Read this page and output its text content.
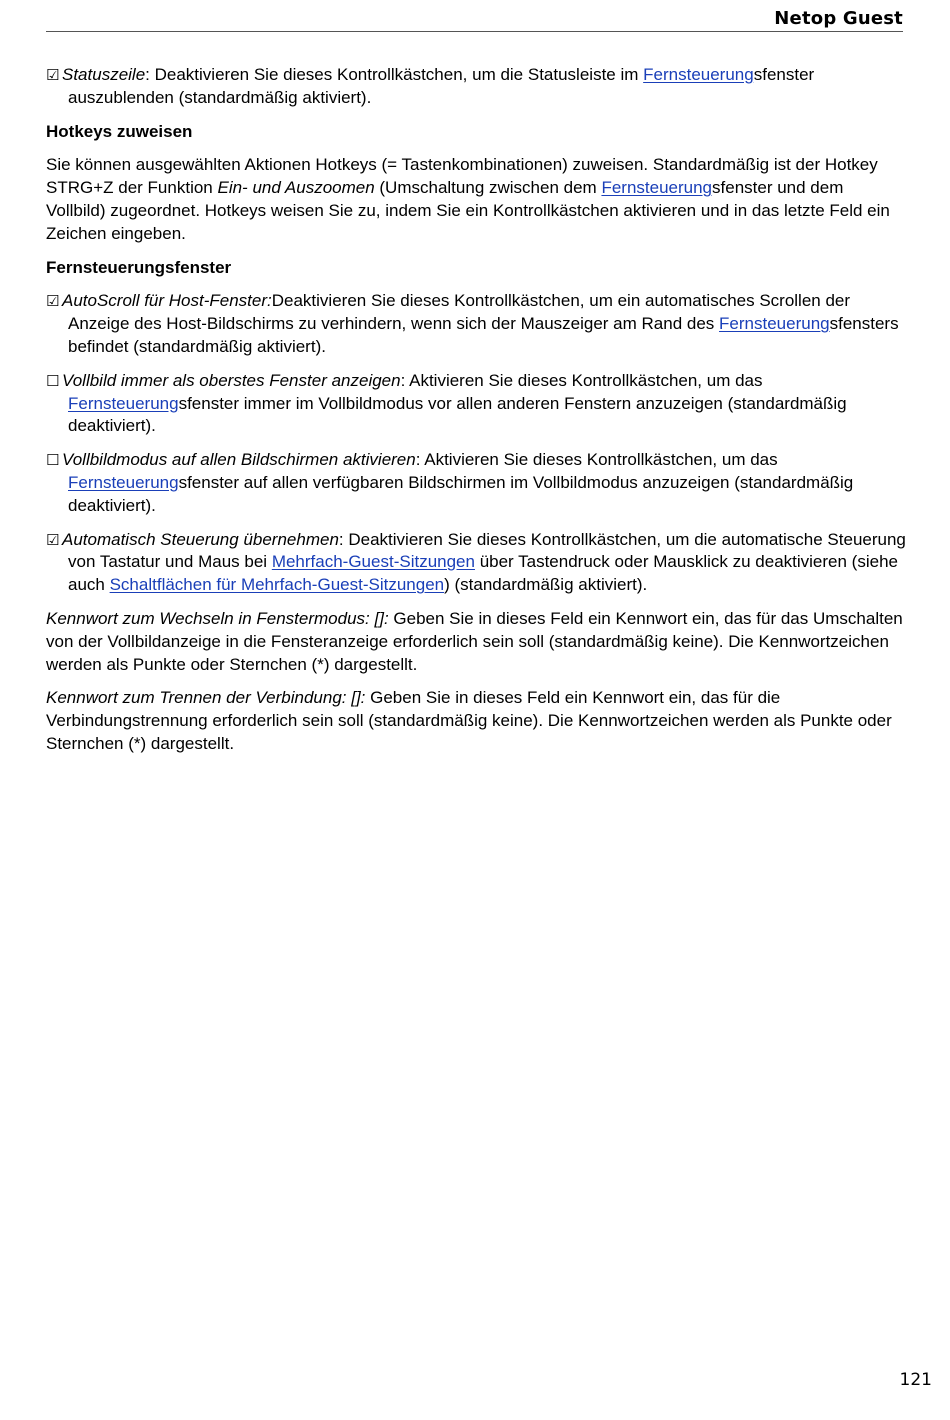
Netop Guest

☑ Statuszeile: Deaktivieren Sie dieses Kontrollkästchen, um die Statusleiste im Fernsteuerungsfenster auszublenden (standardmäßig aktiviert).

Hotkeys zuweisen

Sie können ausgewählten Aktionen Hotkeys (= Tastenkombinationen) zuweisen. Standardmäßig ist der Hotkey STRG+Z der Funktion Ein- und Auszoomen (Umschaltung zwischen dem Fernsteuerungsfenster und dem Vollbild) zugeordnet. Hotkeys weisen Sie zu, indem Sie ein Kontrollkästchen aktivieren und in das letzte Feld ein Zeichen eingeben.

Fernsteuerungsfenster

☑ AutoScroll für Host-Fenster:Deaktivieren Sie dieses Kontrollkästchen, um ein automatisches Scrollen der Anzeige des Host-Bildschirms zu verhindern, wenn sich der Mauszeiger am Rand des Fernsteuerungsfensters befindet (standardmäßig aktiviert).

☐ Vollbild immer als oberstes Fenster anzeigen: Aktivieren Sie dieses Kontrollkästchen, um das Fernsteuerungsfenster immer im Vollbildmodus vor allen anderen Fenstern anzuzeigen (standardmäßig deaktiviert).

☐ Vollbildmodus auf allen Bildschirmen aktivieren: Aktivieren Sie dieses Kontrollkästchen, um das Fernsteuerungsfenster auf allen verfügbaren Bildschirmen im Vollbildmodus anzuzeigen (standardmäßig deaktiviert).

☑ Automatisch Steuerung übernehmen: Deaktivieren Sie dieses Kontrollkästchen, um die automatische Steuerung von Tastatur und Maus bei Mehrfach-Guest-Sitzungen über Tastendruck oder Mausklick zu deaktivieren (siehe auch Schaltflächen für Mehrfach-Guest-Sitzungen) (standardmäßig aktiviert).

Kennwort zum Wechseln in Fenstermodus: []: Geben Sie in dieses Feld ein Kennwort ein, das für das Umschalten von der Vollbildanzeige in die Fensteranzeige erforderlich sein soll (standardmäßig keine). Die Kennwortzeichen werden als Punkte oder Sternchen (*) dargestellt.

Kennwort zum Trennen der Verbindung: []: Geben Sie in dieses Feld ein Kennwort ein, das für die Verbindungstrennung erforderlich sein soll (standardmäßig keine). Die Kennwortzeichen werden als Punkte oder Sternchen (*) dargestellt.

121
